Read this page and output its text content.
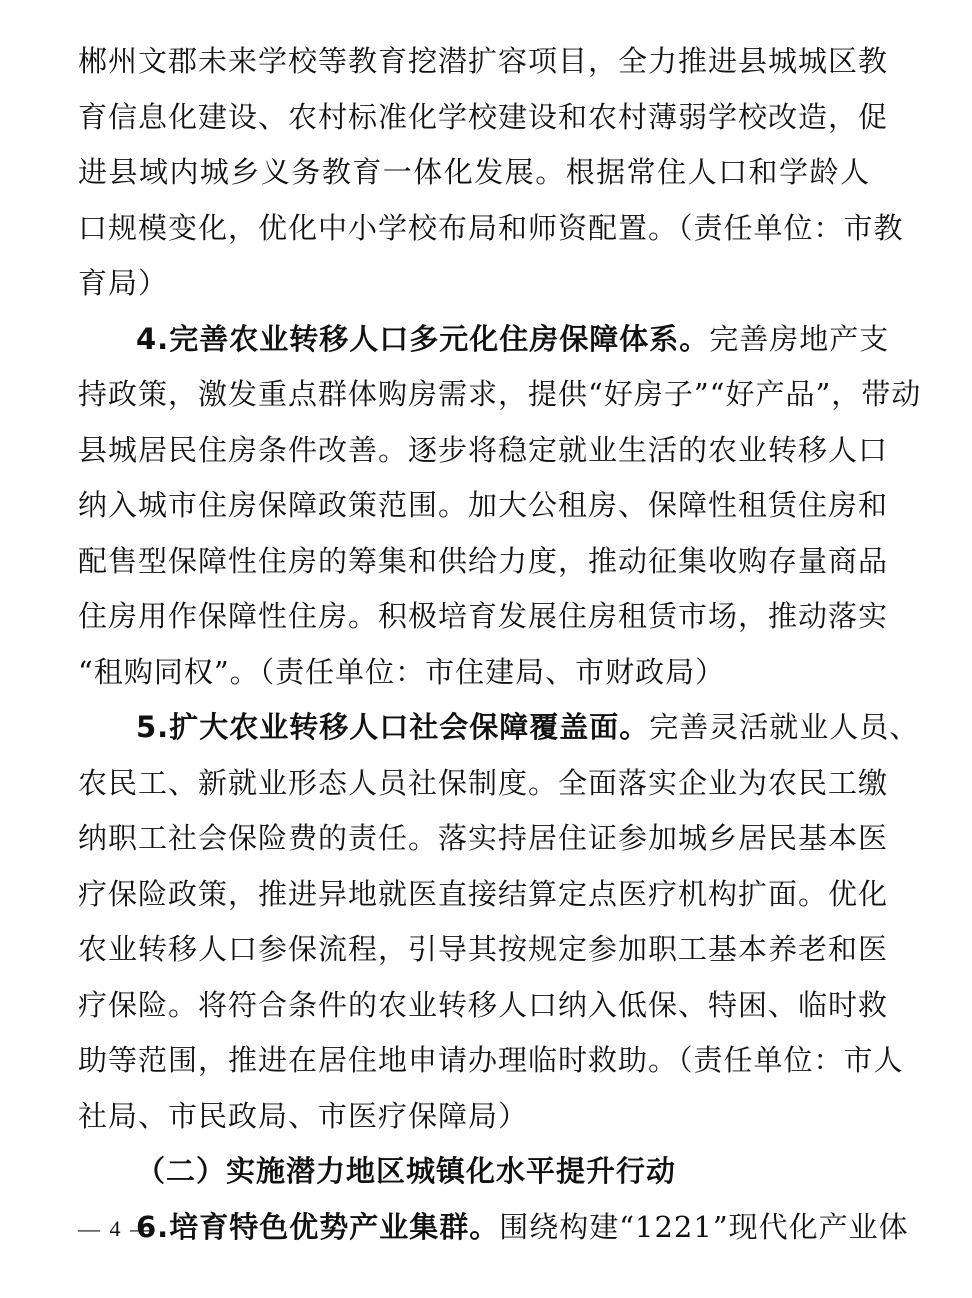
郴州文郡未来学校等教育挖潜扩容项目，全力推进县城城区教
育信息化建设、农村标准化学校建设和农村薄弱学校改造，促
进县域内城乡义务教育一体化发展。根据常住人口和学龄人
口规模变化，优化中小学校布局和师资配置。（责任单位：市教
育局）
4.完善农业转移人口多元化住房保障体系。完善房地产支
持政策，激发重点群体购房需求，提供“好房子”“好产品”，带动
县城居民住房条件改善。逐步将稳定就业生活的农业转移人口
纳入城市住房保障政策范围。加大公租房、保障性租赁住房和
配售型保障性住房的筹集和供给力度，推动征集收购存量商品
住房用作保障性住房。积极培育发展住房租赁市场，推动落实
“租购同权”。（责任单位：市住建局、市财政局）
5.扩大农业转移人口社会保障覆盖面。完善灵活就业人员、
农民工、新就业形态人员社保制度。全面落实企业为农民工缴
纳职工社会保险费的责任。落实持居住证参加城乡居民基本医
疗保险政策，推进异地就医直接结算定点医疗机构扩面。优化
农业转移人口参保流程，引导其按规定参加职工基本养老和医
疗保险。将符合条件的农业转移人口纳入低保、特困、临时救
助等范围，推进在居住地申请办理临时救助。（责任单位：市人
社局、市民政局、市医疗保障局）
（二）实施潜力地区城镇化水平提升行动
6.培育特色优势产业集群。围绕构建“1221”现代化产业体
— 4 —
